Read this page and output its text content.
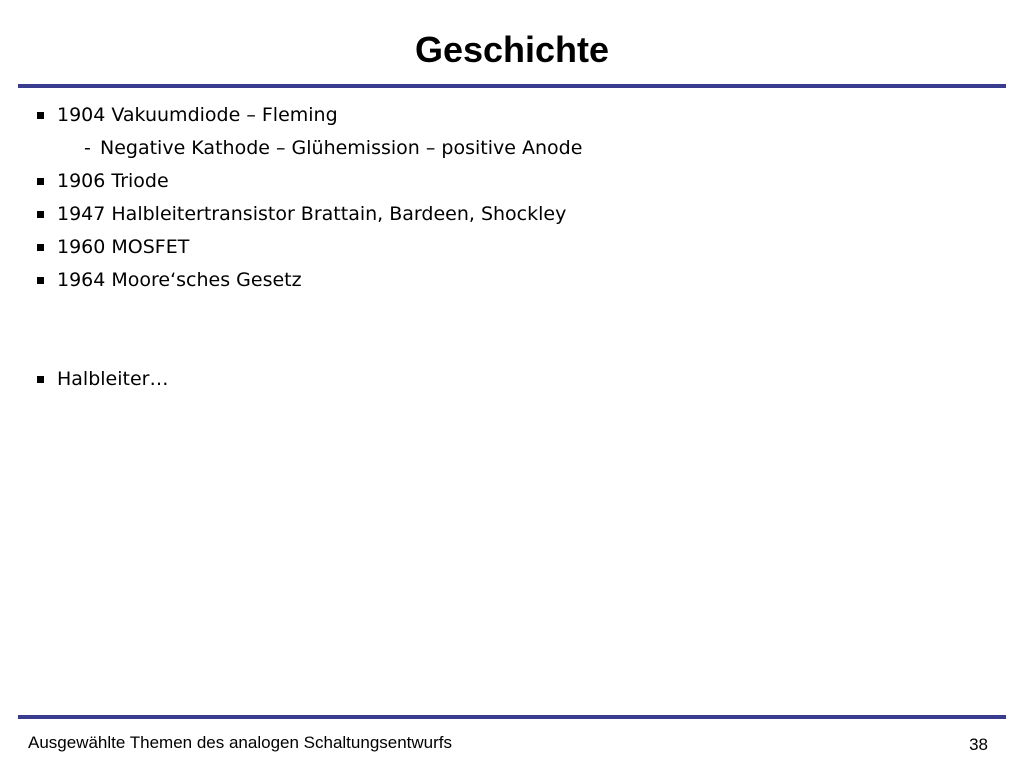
Geschichte
1904 Vakuumdiode – Fleming
- Negative Kathode – Glühemission – positive Anode
1906 Triode
1947 Halbleitertransistor Brattain, Bardeen, Shockley
1960 MOSFET
1964 Moore‘sches Gesetz
Halbleiter…
Ausgewählte Themen des analogen Schaltungsentwurfs	38
